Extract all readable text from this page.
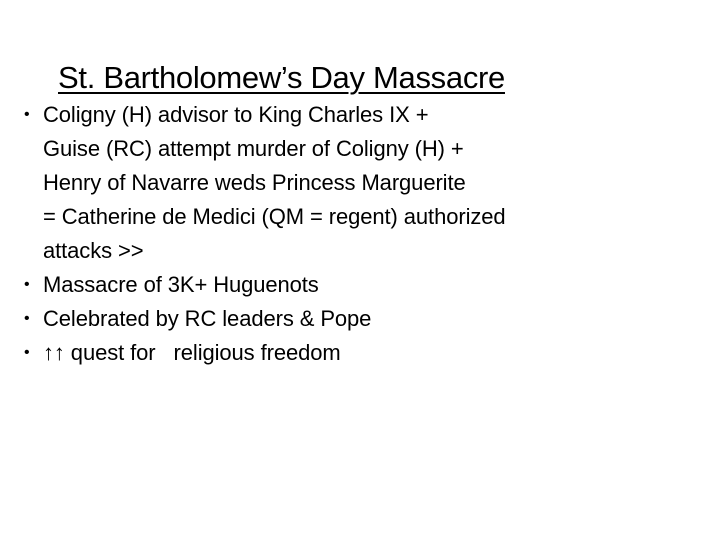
St. Bartholomew’s Day Massacre
• Coligny (H) advisor to King Charles IX +
Guise (RC) attempt murder of Coligny (H) +
Henry of Navarre weds Princess Marguerite
= Catherine de Medici (QM = regent) authorized
attacks >>
• Massacre of 3K+ Huguenots
• Celebrated by RC leaders & Pope
• ↑↑ quest for   religious freedom
